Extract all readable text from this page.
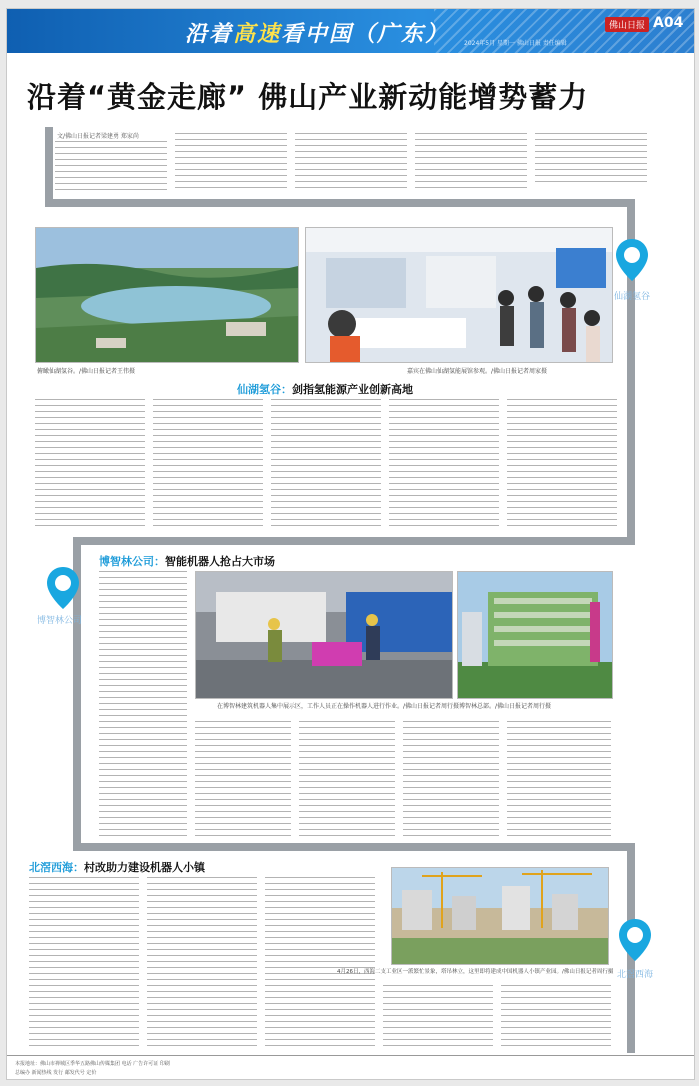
沿着高速看中国（广东） 2024年5月 星期一 佛山日报 责任编辑
佛山日报 A04
沿着“黄金走廊” 佛山产业新动能增势蓄力
文/佛山日报记者梁建勇 郑家尚
俯瞰仙湖氢谷。/佛山日报记者王伟摄	嘉宾在佛山仙湖氢能展馆参观。/佛山日报记者周家摄
仙湖氢谷
仙湖氢谷：剑指氢能源产业创新高地
博智林公司：智能机器人抢占大市场
博智林公司
在博智林建筑机器人集中展示区，工作人员正在操作机器人进行作业。/佛山日报记者周行摄 博智林总部。/佛山日报记者周行摄
北滘西海：村改助力建设机器人小镇
4月26日，西海二支工业区一派繁忙景象，塔吊林立，这里即将建成中国机器人小镇产业园。/佛山日报记者周行摄 北滘西海
本报地址：佛山市禅城区季华五路佛山传媒集团 电话 广告许可证 印刷
总编办 新闻热线 发行 邮发代号 定价
